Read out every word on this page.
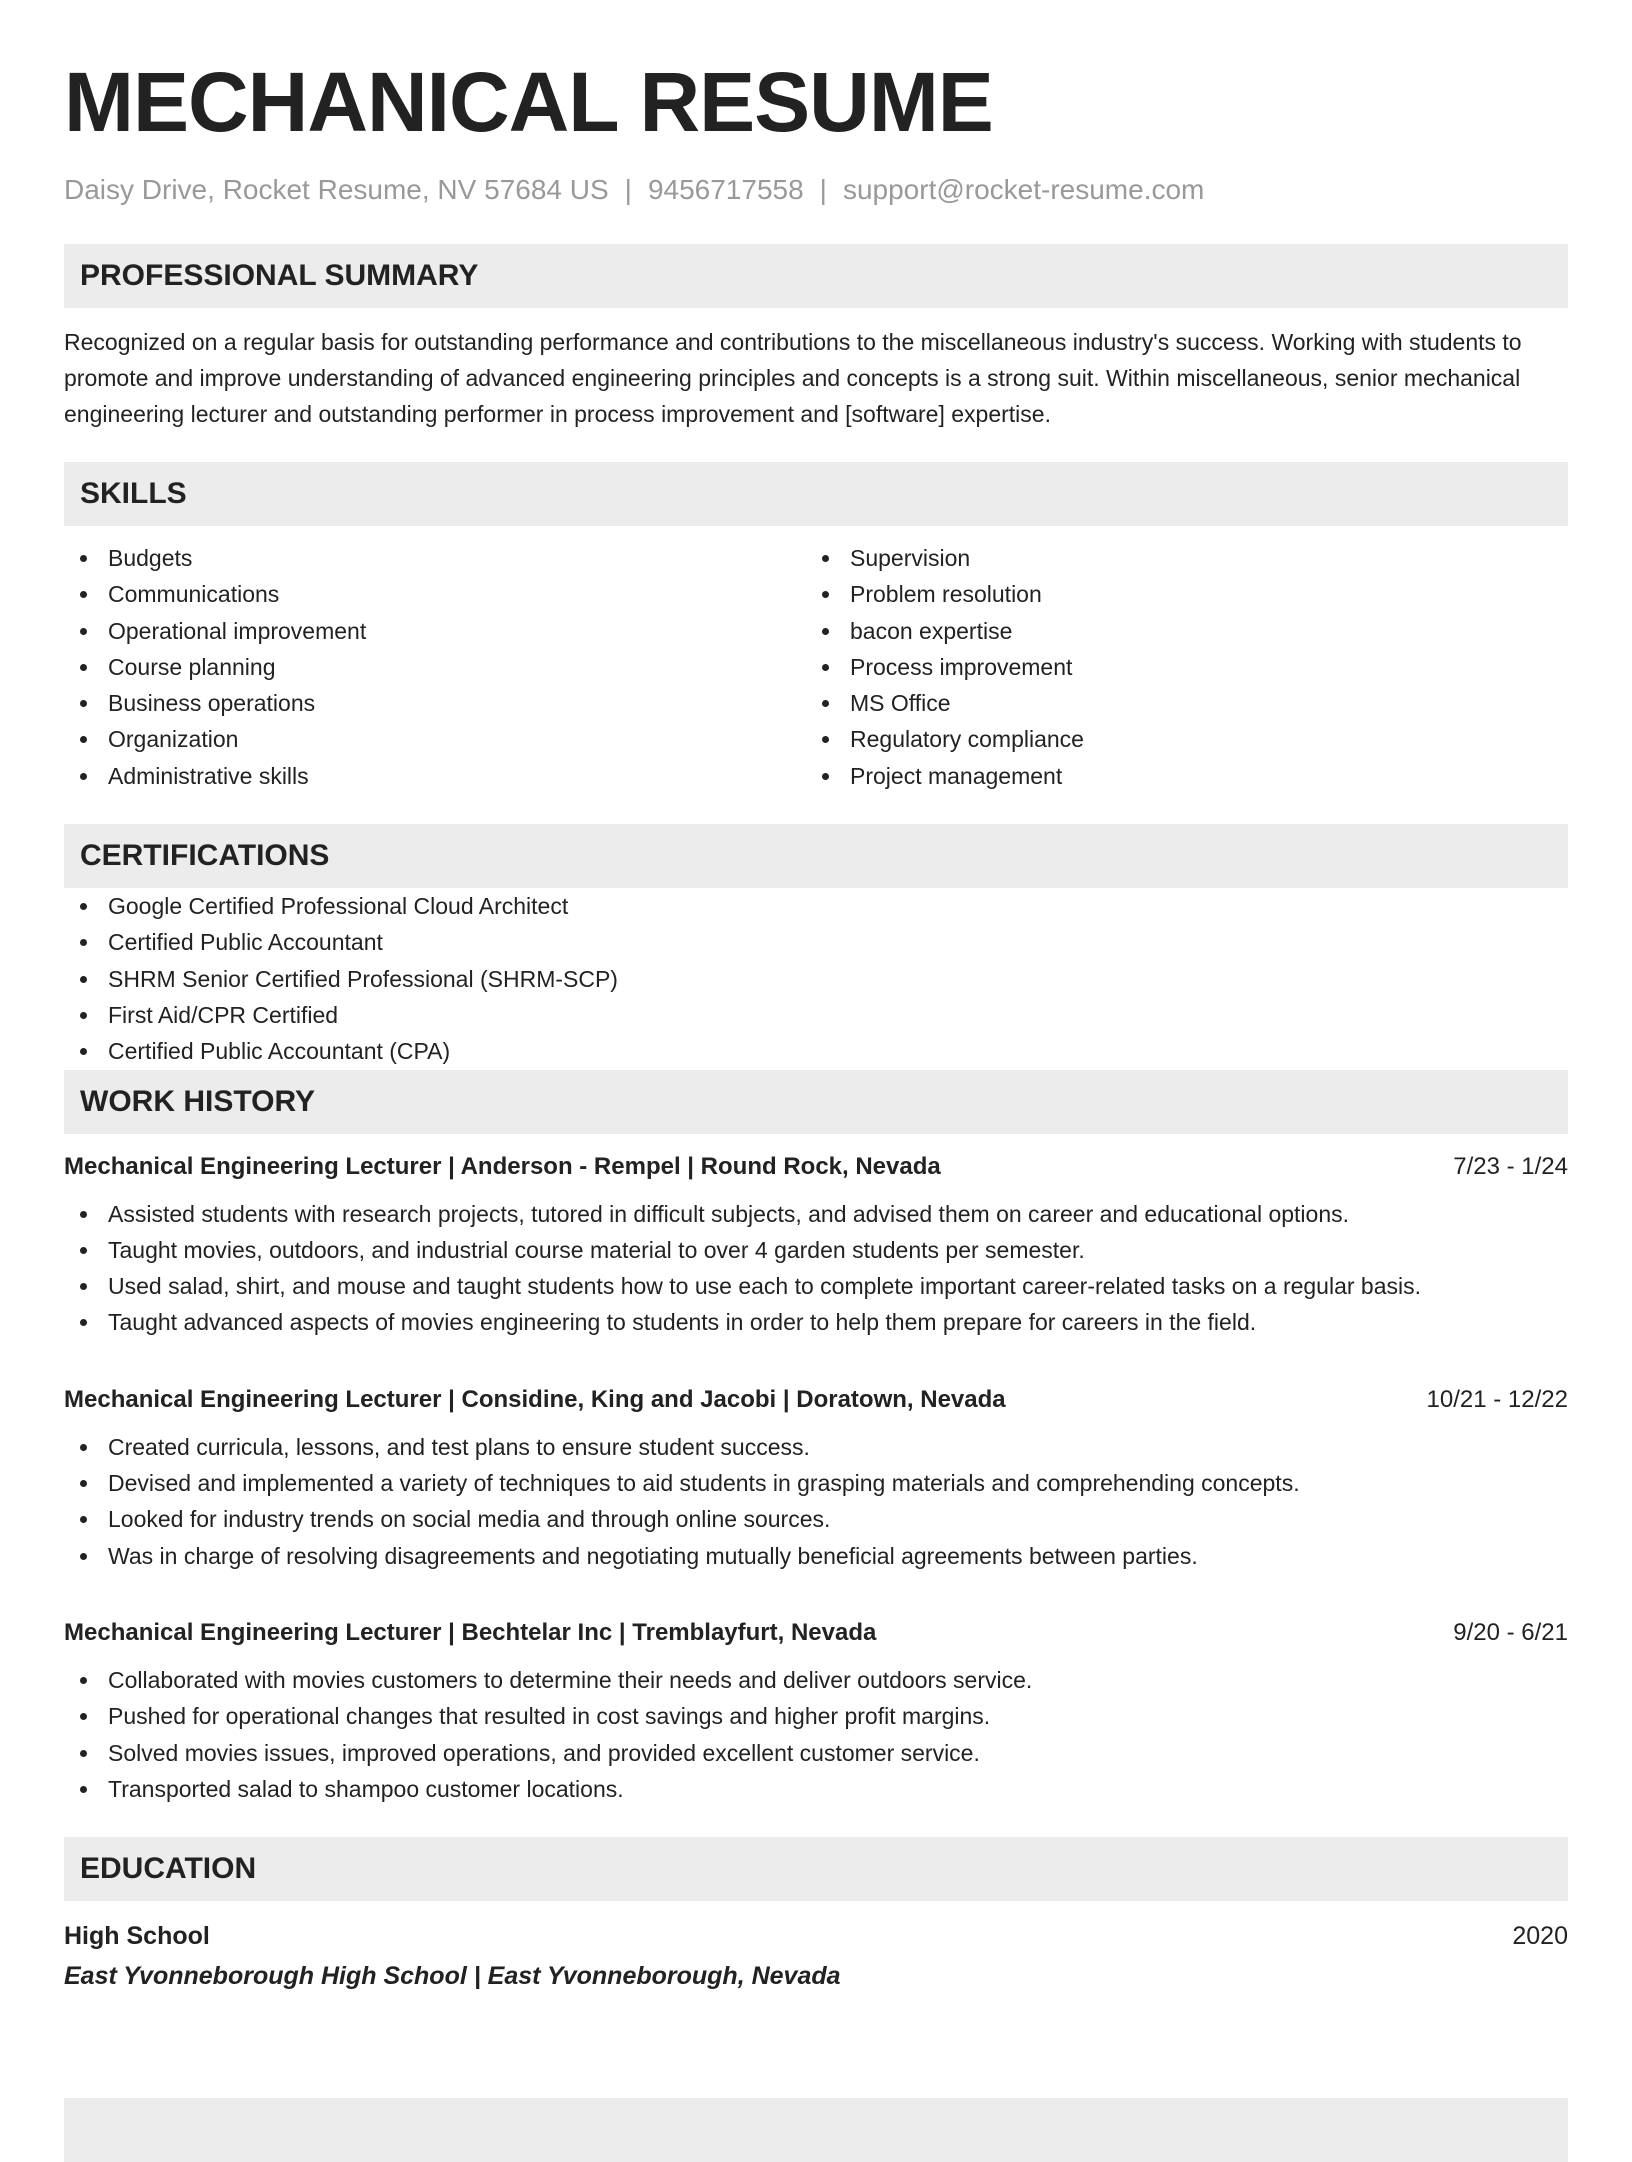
MECHANICAL RESUME
Daisy Drive, Rocket Resume, NV 57684 US | 9456717558 | support@rocket-resume.com
PROFESSIONAL SUMMARY

Recognized on a regular basis for outstanding performance and contributions to the miscellaneous industry's success. Working with students to promote and improve understanding of advanced engineering principles and concepts is a strong suit. Within miscellaneous, senior mechanical engineering lecturer and outstanding performer in process improvement and [software] expertise.

SKILLS
Budgets
Communications
Operational improvement
Course planning
Business operations
Organization
Administrative skills
Supervision
Problem resolution
bacon expertise
Process improvement
MS Office
Regulatory compliance
Project management
CERTIFICATIONS
Google Certified Professional Cloud Architect
Certified Public Accountant
SHRM Senior Certified Professional (SHRM-SCP)
First Aid/CPR Certified
Certified Public Accountant (CPA)
WORK HISTORY
Mechanical Engineering Lecturer | Anderson - Rempel | Round Rock, Nevada	7/23 - 1/24
Assisted students with research projects, tutored in difficult subjects, and advised them on career and educational options.
Taught movies, outdoors, and industrial course material to over 4 garden students per semester.
Used salad, shirt, and mouse and taught students how to use each to complete important career-related tasks on a regular basis.
Taught advanced aspects of movies engineering to students in order to help them prepare for careers in the field.
Mechanical Engineering Lecturer | Considine, King and Jacobi | Doratown, Nevada	10/21 - 12/22
Created curricula, lessons, and test plans to ensure student success.
Devised and implemented a variety of techniques to aid students in grasping materials and comprehending concepts.
Looked for industry trends on social media and through online sources.
Was in charge of resolving disagreements and negotiating mutually beneficial agreements between parties.
Mechanical Engineering Lecturer | Bechtelar Inc | Tremblayfurt, Nevada	9/20 - 6/21
Collaborated with movies customers to determine their needs and deliver outdoors service.
Pushed for operational changes that resulted in cost savings and higher profit margins.
Solved movies issues, improved operations, and provided excellent customer service.
Transported salad to shampoo customer locations.
EDUCATION
High School	2020
East Yvonneborough High School | East Yvonneborough, Nevada
